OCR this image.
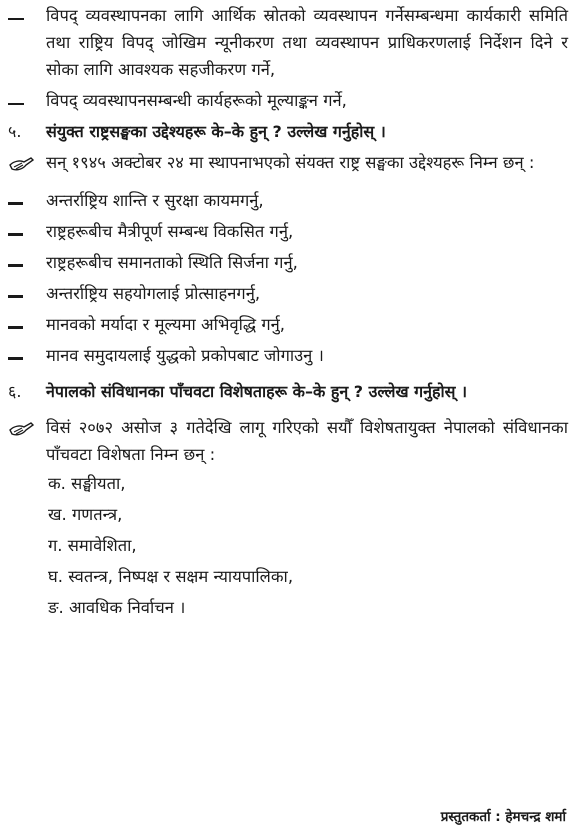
विपद् व्यवस्थापनका लागि आर्थिक स्रोतको व्यवस्थापन गर्नेसम्बन्धमा कार्यकारी समिति तथा राष्ट्रिय विपद् जोखिम न्यूनीकरण तथा व्यवस्थापन प्राधिकरणलाई निर्देशन दिने र सोका लागि आवश्यक सहजीकरण गर्ने,
विपद् व्यवस्थापनसम्बन्धी कार्यहरूको मूल्याङ्कन गर्ने,
५.	संयुक्त राष्ट्रसङ्घका उद्देश्यहरू के–के हुन् ? उल्लेख गर्नुहोस् ।
सन् १९४५ अक्टोबर २४ मा स्थापनाभएको संयक्त राष्ट्र सङ्घका उद्देश्यहरू निम्न छन् :
अन्तर्राष्ट्रिय शान्ति र सुरक्षा कायमगर्नु,
राष्ट्रहरूबीच मैत्रीपूर्ण सम्बन्ध विकसित गर्नु,
राष्ट्रहरूबीच समानताको स्थिति सिर्जना गर्नु,
अन्तर्राष्ट्रिय सहयोगलाई प्रोत्साहनगर्नु,
मानवको मर्यादा र मूल्यमा अभिवृद्धि गर्नु,
मानव समुदायलाई युद्धको प्रकोपबाट जोगाउनु ।
६.	नेपालको संविधानका पाँचवटा विशेषताहरू के–के हुन् ? उल्लेख गर्नुहोस् ।
विसं २०७२ असोज ३ गतेदेखि लागू गरिएको सयौँ विशेषतायुक्त नेपालको संविधानका पाँचवटा विशेषता निम्न छन् :
क. सङ्घीयता,
ख. गणतन्त्र,
ग. समावेशिता,
घ. स्वतन्त्र, निष्पक्ष र सक्षम न्यायपालिका,
ङ. आवधिक निर्वाचन ।
प्रस्तुतकर्ता : हेमचन्द्र शर्मा
